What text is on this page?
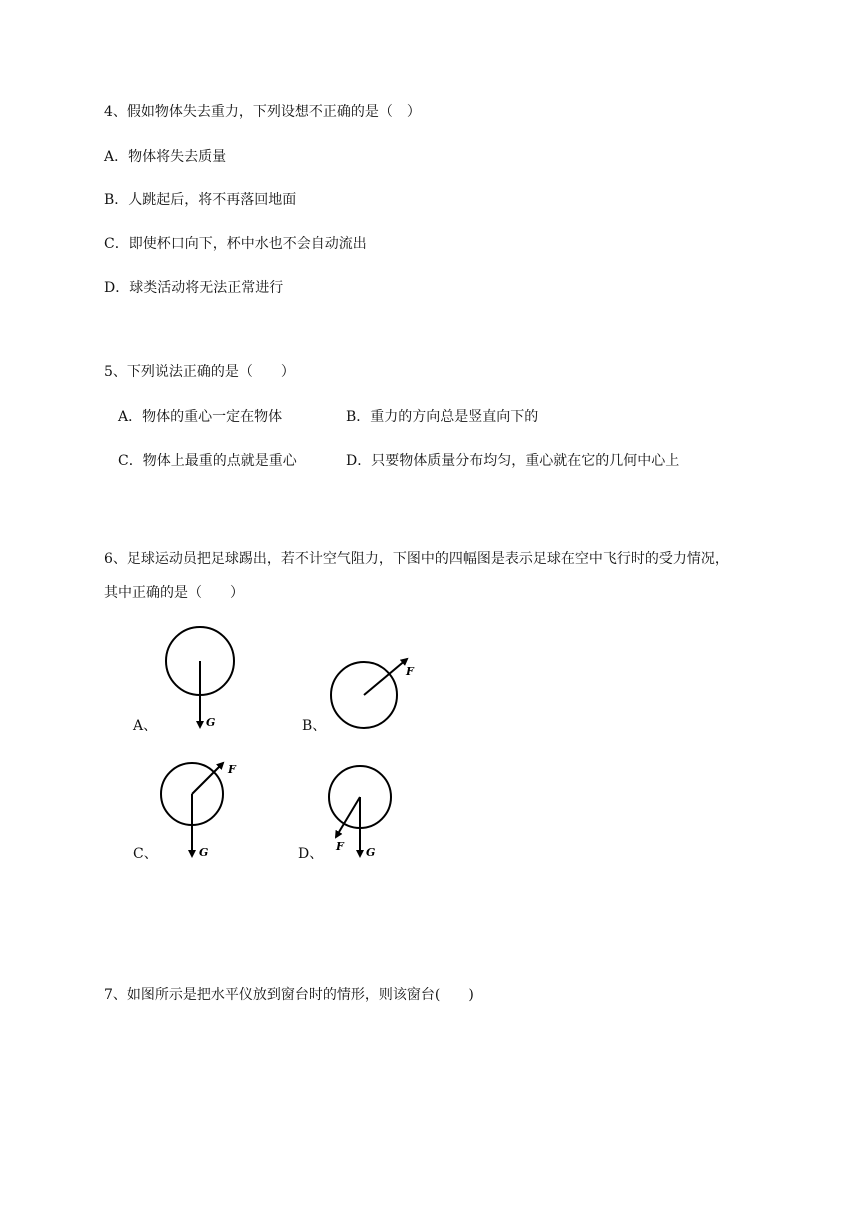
4、假如物体失去重力，下列设想不正确的是（　）
A．物体将失去质量
B．人跳起后，将不再落回地面
C．即使杯口向下，杯中水也不会自动流出
D．球类活动将无法正常进行
5、下列说法正确的是（　　）
A．物体的重心一定在物体	B．重力的方向总是竖直向下的
C．物体上最重的点就是重心	D．只要物体质量分布均匀，重心就在它的几何中心上
6、足球运动员把足球踢出，若不计空气阻力，下图中的四幅图是表示足球在空中飞行时的受力情况，
其中正确的是（　　）
A、	G	B、
F
C、
F
G	D、 F G
7、如图所示是把水平仪放到窗台时的情形，则该窗台(　　)
